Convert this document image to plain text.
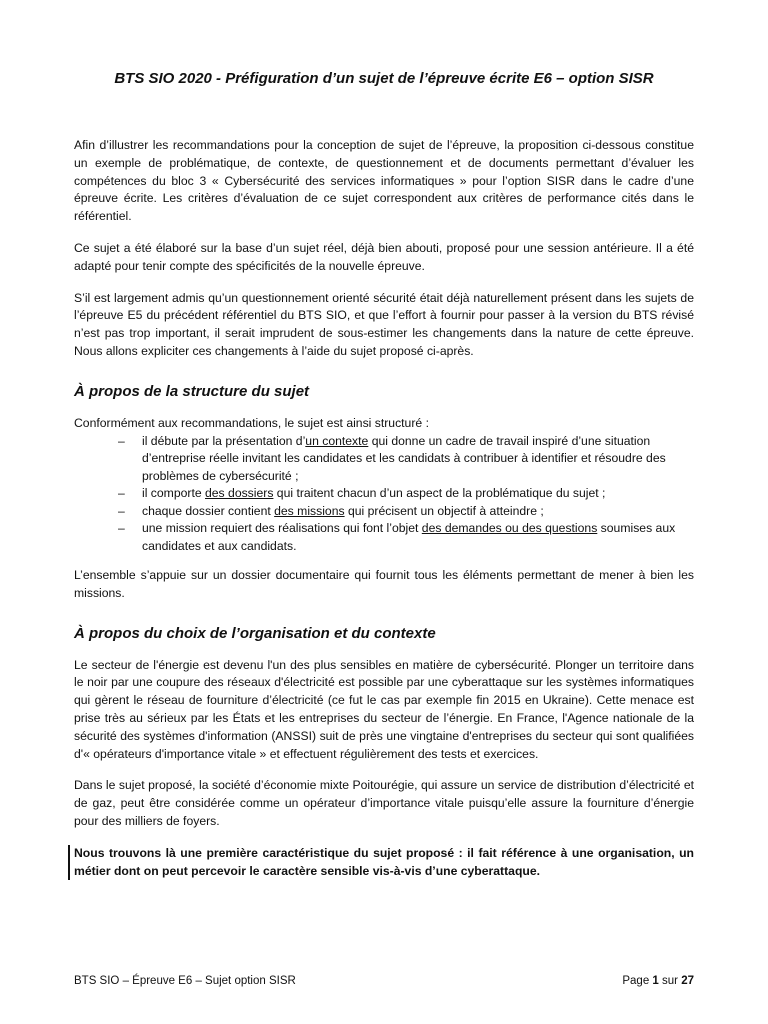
BTS SIO 2020 - Préfiguration d’un sujet de l’épreuve écrite E6 – option SISR

Afin d’illustrer les recommandations pour la conception de sujet de l’épreuve, la proposition ci-dessous constitue un exemple de problématique, de contexte, de questionnement et de documents permettant d’évaluer les compétences du bloc 3 « Cybersécurité des services informatiques » pour l’option SISR dans le cadre d’une épreuve écrite. Les critères d’évaluation de ce sujet correspondent aux critères de performance cités dans le référentiel.

Ce sujet a été élaboré sur la base d’un sujet réel, déjà bien abouti, proposé pour une session antérieure. Il a été adapté pour tenir compte des spécificités de la nouvelle épreuve.

S’il est largement admis qu’un questionnement orienté sécurité était déjà naturellement présent dans les sujets de l’épreuve E5 du précédent référentiel du BTS SIO, et que l’effort à fournir pour passer à la version du BTS révisé n’est pas trop important, il serait imprudent de sous-estimer les changements dans la nature de cette épreuve. Nous allons expliciter ces changements à l’aide du sujet proposé ci-après.

À propos de la structure du sujet

Conformément aux recommandations, le sujet est ainsi structuré :

– il débute par la présentation d’un contexte qui donne un cadre de travail inspiré d’une situation d’entreprise réelle invitant les candidates et les candidats à contribuer à identifier et résoudre des problèmes de cybersécurité ;
– il comporte des dossiers qui traitent chacun d’un aspect de la problématique du sujet ;
– chaque dossier contient des missions qui précisent un objectif à atteindre ;
– une mission requiert des réalisations qui font l’objet des demandes ou des questions soumises aux candidates et aux candidats.

L’ensemble s’appuie sur un dossier documentaire qui fournit tous les éléments permettant de mener à bien les missions.

À propos du choix de l’organisation et du contexte

Le secteur de l'énergie est devenu l'un des plus sensibles en matière de cybersécurité. Plonger un territoire dans le noir par une coupure des réseaux d'électricité est possible par une cyberattaque sur les systèmes informatiques qui gèrent le réseau de fourniture d’électricité (ce fut le cas par exemple fin 2015 en Ukraine). Cette menace est prise très au sérieux par les États et les entreprises du secteur de l’énergie. En France, l'Agence nationale de la sécurité des systèmes d'information (ANSSI) suit de près une vingtaine d'entreprises du secteur qui sont qualifiées d'« opérateurs d'importance vitale » et effectuent régulièrement des tests et exercices.

Dans le sujet proposé, la société d’économie mixte Poitourégie, qui assure un service de distribution d’électricité et de gaz, peut être considérée comme un opérateur d’importance vitale puisqu’elle assure la fourniture d’énergie pour des milliers de foyers.

Nous trouvons là une première caractéristique du sujet proposé : il fait référence à une organisation, un métier dont on peut percevoir le caractère sensible vis-à-vis d’une cyberattaque.

BTS SIO – Épreuve E6 – Sujet option SISR	Page 1 sur 27
